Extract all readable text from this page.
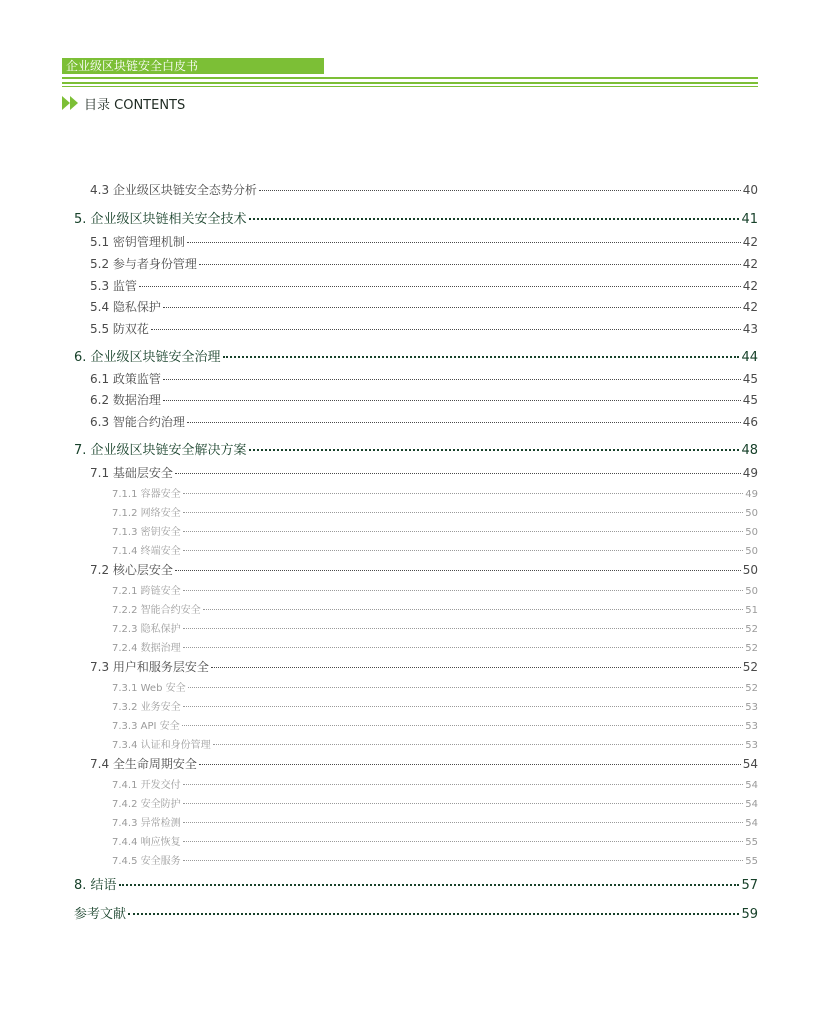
企业级区块链安全白皮书
目录 CONTENTS
4.3 企业级区块链安全态势分析	40
5. 企业级区块链相关安全技术	41
5.1 密钥管理机制	42
5.2 参与者身份管理	42
5.3 监管	42
5.4 隐私保护	42
5.5 防双花	43
6. 企业级区块链安全治理	44
6.1 政策监管	45
6.2 数据治理	45
6.3 智能合约治理	46
7. 企业级区块链安全解决方案	48
7.1 基础层安全	49
7.1.1 容器安全	49
7.1.2 网络安全	50
7.1.3 密钥安全	50
7.1.4 终端安全	50
7.2 核心层安全	50
7.2.1 跨链安全	50
7.2.2 智能合约安全	51
7.2.3 隐私保护	52
7.2.4 数据治理	52
7.3 用户和服务层安全	52
7.3.1 Web 安全	52
7.3.2 业务安全	53
7.3.3 API 安全	53
7.3.4 认证和身份管理	53
7.4 全生命周期安全	54
7.4.1 开发交付	54
7.4.2 安全防护	54
7.4.3 异常检测	54
7.4.4 响应恢复	55
7.4.5 安全服务	55
8. 结语	57
参考文献	59
